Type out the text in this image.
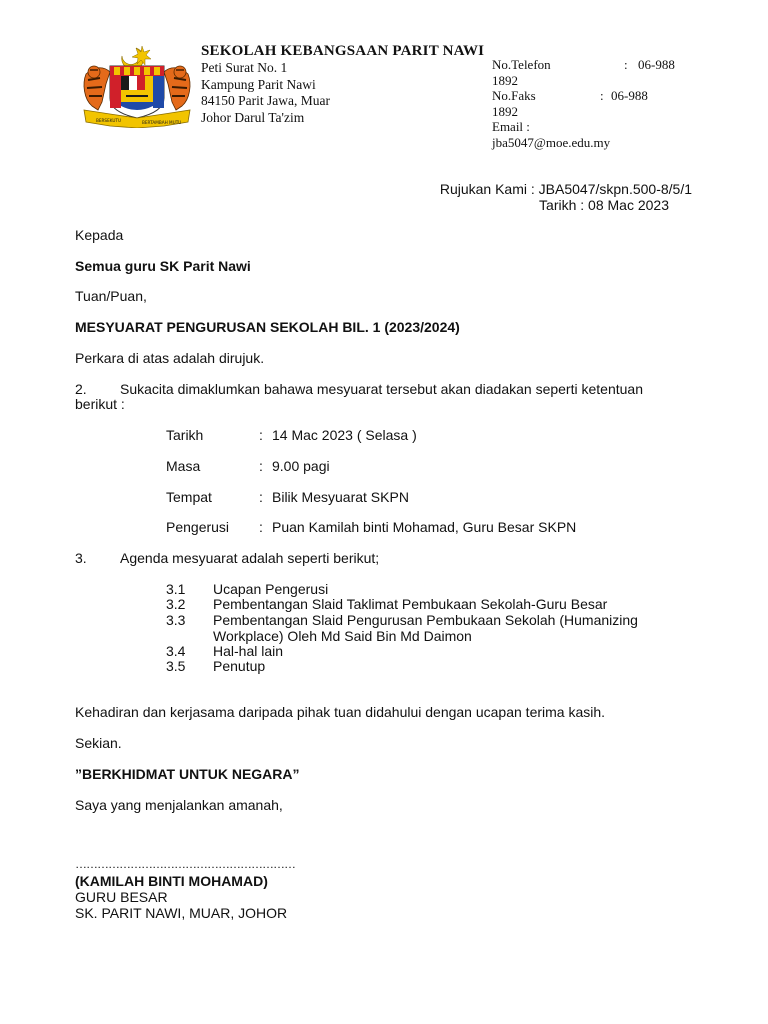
BERSEKUTU	BERTAMBAH MUTU
SEKOLAH KEBANGSAAN PARIT NAWI
Peti Surat No. 1
Kampung Parit Nawi
84150 Parit Jawa, Muar
Johor Darul Ta'zim
No.Telefon	: 06-988
1892
No.Faks	: 06-988
1892
Email :
jba5047@moe.edu.my
Rujukan Kami : JBA5047/skpn.500-8/5/1
Tarikh : 08 Mac 2023
Kepada
Semua guru SK Parit Nawi
Tuan/Puan,
MESYUARAT PENGURUSAN SEKOLAH BIL. 1 (2023/2024)
Perkara di atas adalah dirujuk.
2. Sukacita dimaklumkan bahawa mesyuarat tersebut akan diadakan seperti ketentuan
berikut :
Tarikh	: 14 Mac 2023 ( Selasa )
Masa	: 9.00 pagi
Tempat	: Bilik Mesyuarat SKPN
Pengerusi : Puan Kamilah binti Mohamad, Guru Besar SKPN
3. Agenda mesyuarat adalah seperti berikut;
3.1 Ucapan Pengerusi
3.2 Pembentangan Slaid Taklimat Pembukaan Sekolah-Guru Besar
3.3 Pembentangan Slaid Pengurusan Pembukaan Sekolah (Humanizing
Workplace) Oleh Md Said Bin Md Daimon
3.4 Hal-hal lain
3.5 Penutup
Kehadiran dan kerjasama daripada pihak tuan didahului dengan ucapan terima kasih.
Sekian.
”BERKHIDMAT UNTUK NEGARA”
Saya yang menjalankan amanah,
……………………………………………………
(KAMILAH BINTI MOHAMAD)
GURU BESAR
SK. PARIT NAWI, MUAR, JOHOR
